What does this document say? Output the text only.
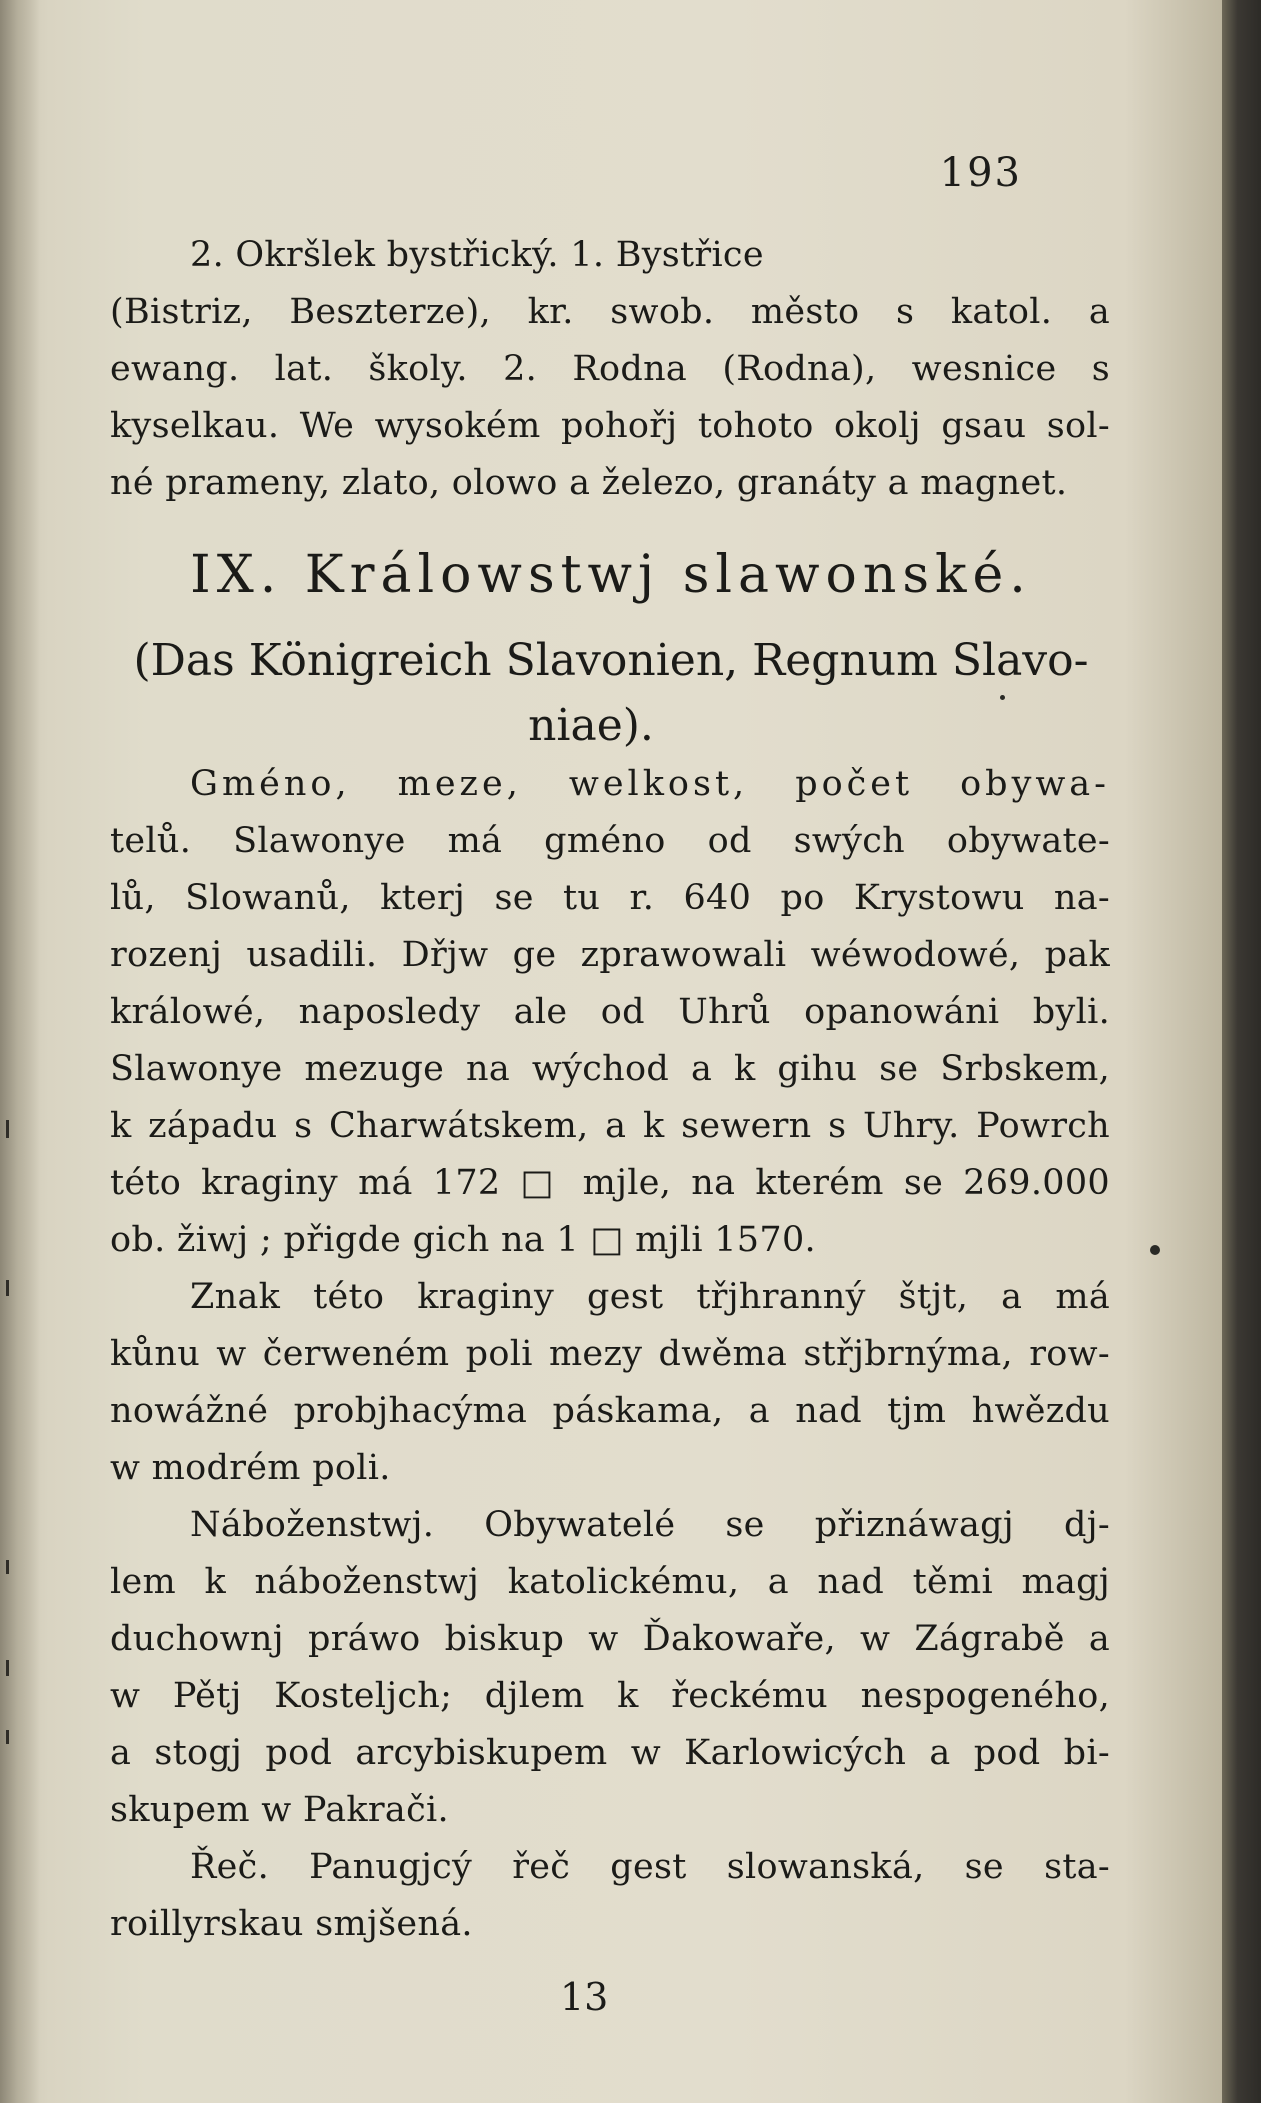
193
2. Okršlek bystřický. 1. Bystřice
(Bistriz, Beszterze), kr. swob. město s katol. a
ewang. lat. školy. 2. Rodna (Rodna), wesnice s
kyselkau. We wysokém pohořj tohoto okolj gsau sol-
né prameny, zlato, olowo a železo, granáty a magnet.
IX. Králowstwj slawonské.
(Das Königreich Slavonien, Regnum Slavo-
niae).
Gméno, meze, welkost, počet obywa-
telů. Slawonye má gméno od swých obywate-
lů, Slowanů, kterj se tu r. 640 po Krystowu na-
rozenj usadili. Dřjw ge zprawowali wéwodowé, pak
králowé, naposledy ale od Uhrů opanowáni byli.
Slawonye mezuge na wýchod a k gihu se Srbskem,
k západu s Charwátskem, a k sewern s Uhry. Powrch
této kraginy má 172 □ mjle, na kterém se 269.000
ob. žiwj ; přigde gich na 1 □ mjli 1570.
Znak této kraginy gest třjhranný štjt, a má
kůnu w čerweném poli mezy dwěma střjbrnýma, row-
nowážné probjhacýma páskama, a nad tjm hwězdu
w modrém poli.
Náboženstwj. Obywatelé se přiznáwagj dj-
lem k náboženstwj katolickému, a nad těmi magj
duchownj práwo biskup w Ďakowaře, w Zágrabě a
w Pětj Kosteljch; djlem k řeckému nespogeného,
a stogj pod arcybiskupem w Karlowicých a pod bi-
skupem w Pakrači.
Řeč. Panugjcý řeč gest slowanská, se sta-
roillyrskau smjšená.
13
